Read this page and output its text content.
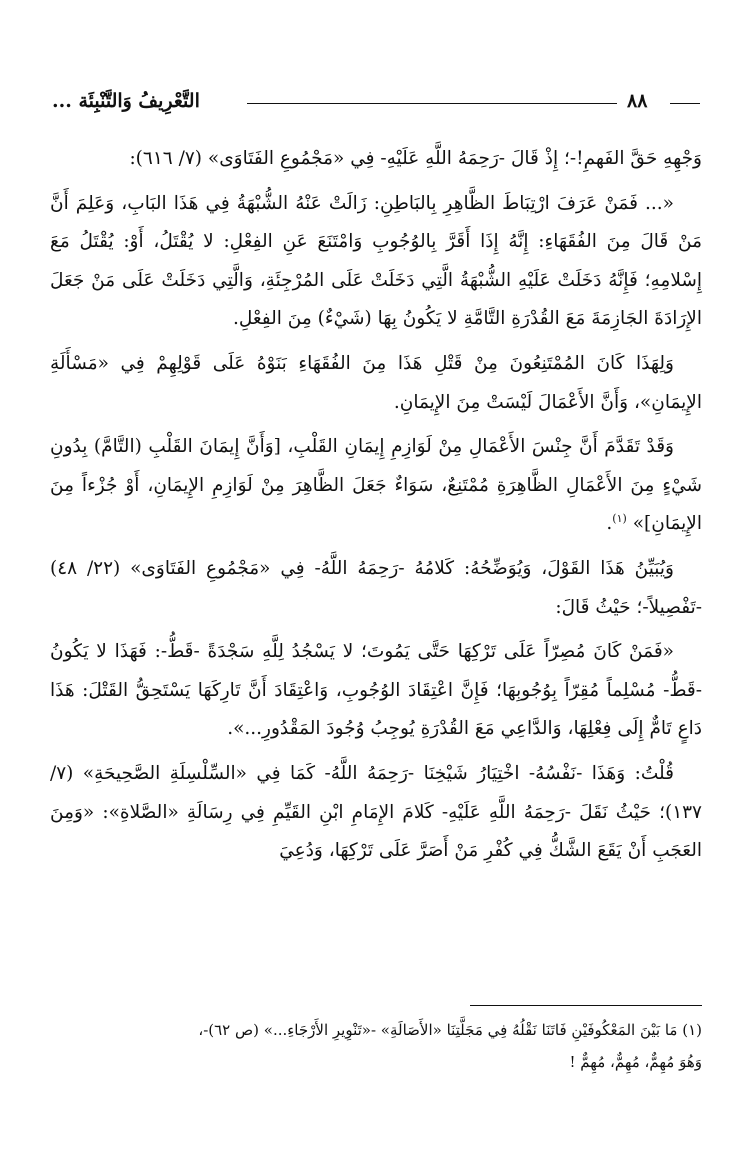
التَّعْرِيفُ وَالتَّنْبِئَة ...	٨٨

وَجْهِهِ حَقَّ الفَهمِ!-؛ إِذْ قَالَ -رَحِمَهُ اللَّهِ عَلَيْهِ- فِي «مَجْمُوعِ الفَتَاوَى» (٧/ ٦١٦):

«... فَمَنْ عَرَفَ ارْتِبَاطَ الظَّاهِرِ بِالبَاطِنِ: زَالَتْ عَنْهُ الشُّبْهَةُ فِي هَذَا البَابِ، وَعَلِمَ أَنَّ مَنْ قَالَ مِنَ الفُقَهَاءِ: إِنَّهُ إِذَا أَقَرَّ بِالوُجُوبِ وَامْتَنَعَ عَنِ الفِعْلِ: لا يُقْتَلُ، أَوْ: يُقْتَلُ مَعَ إِسْلامِهِ؛ فَإِنَّهُ دَخَلَتْ عَلَيْهِ الشُّبْهَةُ الَّتِي دَخَلَتْ عَلَى المُرْجِئَةِ، وَالَّتِي دَخَلَتْ عَلَى مَنْ جَعَلَ الإِرَادَةَ الجَازِمَةَ مَعَ القُدْرَةِ التَّامَّةِ لا يَكُونُ بِهَا (شَيْءٌ) مِنَ الفِعْلِ.

وَلِهَذَا كَانَ المُمْتَنِعُونَ مِنْ قَتْلِ هَذَا مِنَ الفُقَهَاءِ بَنَوْهُ عَلَى قَوْلِهِمْ فِي «مَسْأَلَةِ الإِيمَانِ»، وَأَنَّ الأَعْمَالَ لَيْسَتْ مِنَ الإِيمَانِ.

وَقَدْ تَقَدَّمَ أَنَّ جِنْسَ الأَعْمَالِ مِنْ لَوَازِمِ إِيمَانِ القَلْبِ، [وَأَنَّ إِيمَانَ القَلْبِ (التَّامَّ) بِدُونِ شَيْءٍ مِنَ الأَعْمَالِ الظَّاهِرَةِ مُمْتَنِعٌ، سَوَاءٌ جَعَلَ الظَّاهِرَ مِنْ لَوَازِمِ الإِيمَانِ، أَوْ جُزْءاً مِنَ الإِيمَانِ]» $^{(١)}$.

وَيُبَيِّنُ هَذَا القَوْلَ، وَيُوَضِّحُهُ: كَلامُهُ -رَحِمَهُ اللَّهُ- فِي «مَجْمُوعِ الفَتَاوَى» (٢٢/ ٤٨) -تَفْصِيلاً-؛ حَيْثُ قَالَ:

«فَمَنْ كَانَ مُصِرّاً عَلَى تَرْكِهَا حَتَّى يَمُوتَ؛ لا يَسْجُدُ لِلَّهِ سَجْدَةً -قَطُّ-: فَهَذَا لا يَكُونُ -قَطُّ- مُسْلِماً مُقِرّاً بِوُجُوبِهَا؛ فَإِنَّ اعْتِقَادَ الوُجُوبِ، وَاعْتِقَادَ أَنَّ تَارِكَهَا يَسْتَحِقُّ القَتْلَ: هَذَا دَاعٍ تَامٌّ إِلَى فِعْلِهَا، وَالدَّاعِي مَعَ القُدْرَةِ يُوجِبُ وُجُودَ المَقْدُورِ...».

قُلْتُ: وَهَذَا -نَفْسُهُ- اخْتِيَارُ شَيْخِنَا -رَحِمَهُ اللَّهُ- كَمَا فِي «السِّلْسِلَةِ الصَّحِيحَةِ» (٧/ ١٣٧)؛ حَيْثُ نَقَلَ -رَحِمَهُ اللَّهِ عَلَيْهِ- كَلامَ الإِمَامِ ابْنِ القَيِّمِ فِي رِسَالَةِ «الصَّلاةِ»: «وَمِنَ العَجَبِ أَنْ يَقَعَ الشَّكُّ فِي كُفْرِ مَنْ أَصَرَّ عَلَى تَرْكِهَا، وَدُعِيَ

(١) مَا بَيْنَ المَعْكُوفَيْنِ فَاتَنَا نَقْلُهُ فِي مَجَلَّتِنَا «الأَصَالَةِ» -«تَنْوِيرِ الأَرْجَاءِ...» (ص ٦٢)-،

وَهُوَ مُهِمٌّ، مُهِمٌّ، مُهِمٌّ !
